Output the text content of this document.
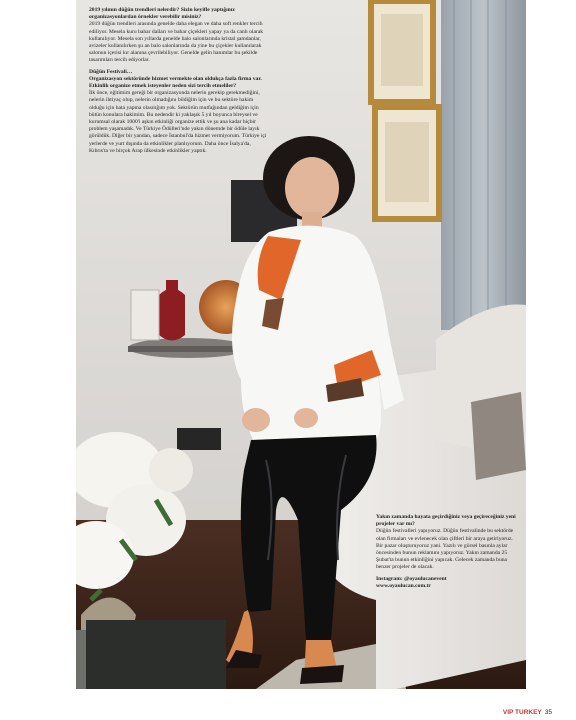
2019 yılının düğün trendleri nelerdir? Sizin keyifle yaptığınız organizasyonlardan örnekler verebilir misiniz?

2019 düğün trendleri arasında genelde daha elegan ve daha soft renkler tercih ediliyor. Mesela kuru bahar dalları ve bahar çiçekleri yapay ya da canlı olarak kullanılıyor. Mesela son yıllarda genelde balo salonlarında kristal şamdanlar, avizeler kullanılırken şu an balo salonlarında da yine bu çiçekler kullanılarak salonun içerisi kır alanına çevrilebiliyor. Genelde gelin hanımlar bu şekilde tasarımları tercih ediyorlar.

Düğün Festivali…

Organizasyon sektöründe hizmet vermekte olan oldukça fazla firma var. Etkinlik organize etmek isteyenler neden sizi tercih etmeliler?

İlk önce, eğitimim gereği bir organizasyonda nelerin gerekip gerekmediğini, nelerin ihtiyaç olup, nelerin olmadığını bildiğim için ve bu sektöre hakim olduğu için hata yapma olasılığım yok. Sektörün mutfağından geldiğim için bütün konulara hakimim. Bu nedendir ki yaklaşık 5 yıl boyunca bireysel ve kurumsal olarak 1000'i aşkın etkinliği organize ettik ve şu ana kadar hiçbir problem yaşamadık. Ve Türkiye Ödülleri'nde yakın dönemde bir ödüle layık görüldük. Diğer bir yandan, sadece İstanbul'da hizmet vermiyorum. Türkiye içi yerlerde ve yurt dışında da etkinlikler planlıyorum. Daha önce İsalya'da, Kıbrıs'ta ve birçok Arap ülkesinde etkinlikler yaptık.

Yakın zamanda hayata geçirdiğiniz veya geçireceğiniz yeni projeler var mı?

Düğün festivalleri yapıyoruz. Düğün festivalinde bu sektörde olan firmaları ve evlenecek olan çiftleri bir araya getiriyoruz. Bir pazar oluşturuyoruz yani. Yazılı ve görsel basınla aylar öncesinden bunun reklamını yapıyoruz. Yakın zamanda 25 Şubat'ta bunun etkinliğini yapıcak. Gelecek zamanda buna benzer projeler de olacak.

Instagram: @oyaulucanevent

www.oyaulucan.com.tr

VIP TURKEY 35
